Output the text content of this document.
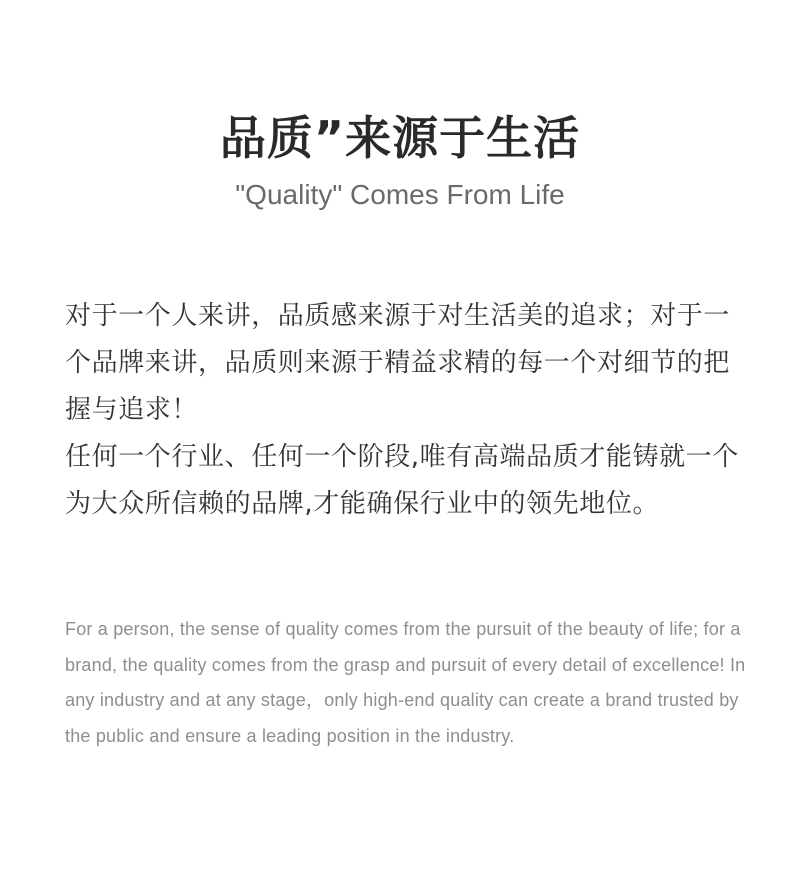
品质”来源于生活
"Quality" Comes From Life

对于一个人来讲，品质感来源于对生活美的追求；对于一个品牌来讲，品质则来源于精益求精的每一个对细节的把握与追求！

任何一个行业、任何一个阶段,唯有高端品质才能铸就一个为大众所信赖的品牌,才能确保行业中的领先地位。

For a person, the sense of quality comes from the pursuit of the beauty of life; for a brand, the quality comes from the grasp and pursuit of every detail of excellence! In any industry and at any stage，only high-end quality can create a brand trusted by the public and ensure a leading position in the industry.
